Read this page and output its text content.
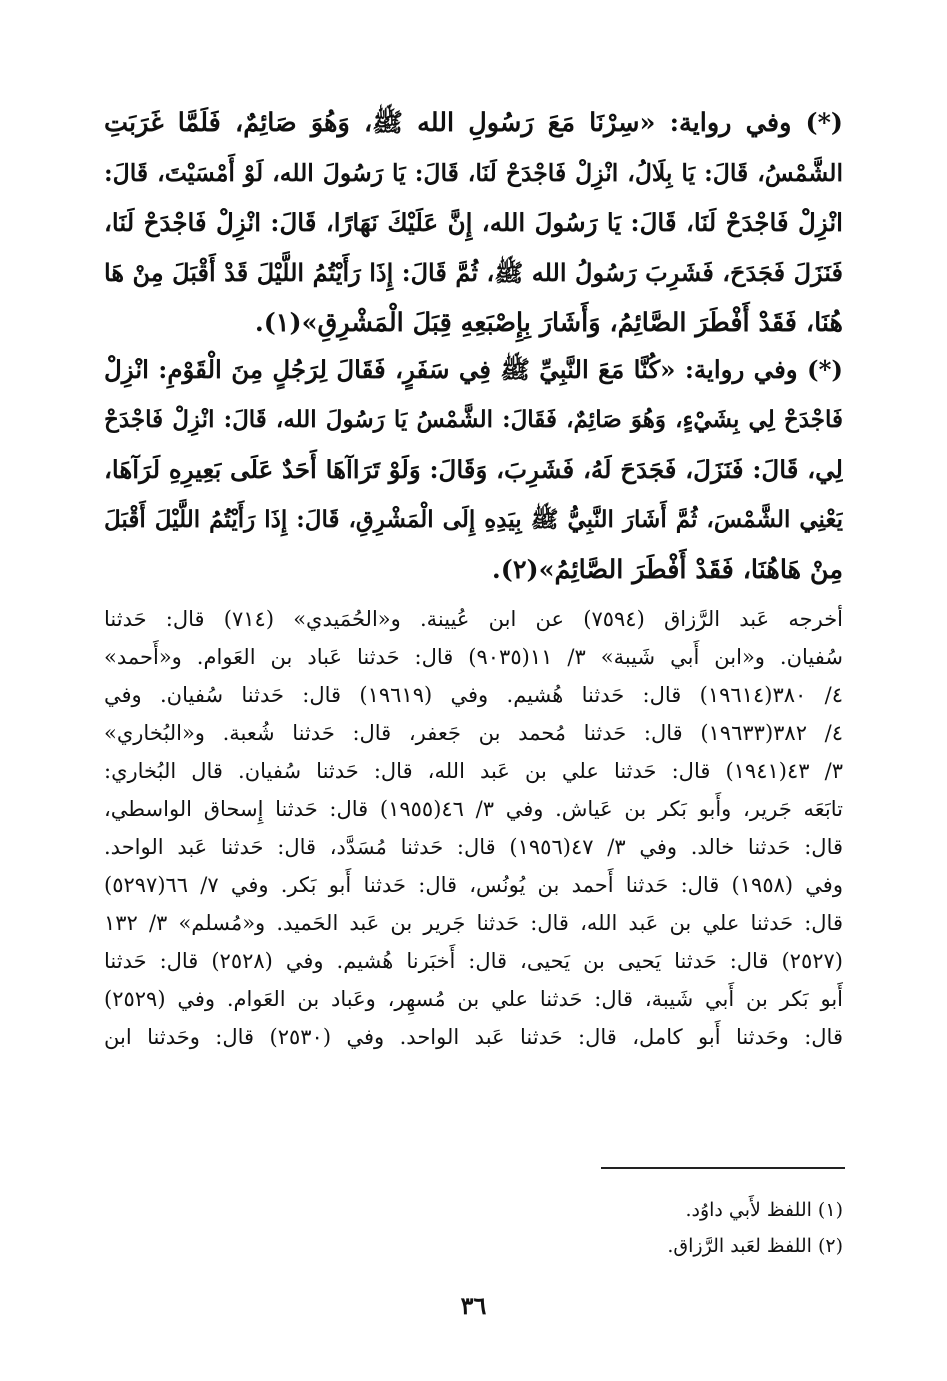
(*) وفي رواية: «سِرْنَا مَعَ رَسُولِ الله ﷺ، وَهُوَ صَائِمٌ، فَلَمَّا غَرَبَتِ
الشَّمْسُ، قَالَ: يَا بِلَالُ، انْزِلْ فَاجْدَحْ لَنَا، قَالَ: يَا رَسُولَ الله، لَوْ أَمْسَيْتَ، قَالَ:
انْزِلْ فَاجْدَحْ لَنَا، قَالَ: يَا رَسُولَ الله، إِنَّ عَلَيْكَ نَهَارًا، قَالَ: انْزِلْ فَاجْدَحْ لَنَا،
فَنَزَلَ فَجَدَحَ، فَشَرِبَ رَسُولُ الله ﷺ، ثُمَّ قَالَ: إِذَا رَأَيْتُمُ اللَّيْلَ قَدْ أَقْبَلَ مِنْ هَا
هُنَا، فَقَدْ أَفْطَرَ الصَّائِمُ، وَأَشَارَ بِإِصْبَعِهِ قِبَلَ الْمَشْرِقِ»(١).
(*) وفي رواية: «كُنَّا مَعَ النَّبِيِّ ﷺ فِي سَفَرٍ، فَقَالَ لِرَجُلٍ مِنَ الْقَوْمِ: انْزِلْ
فَاجْدَحْ لِي بِشَيْءٍ، وَهُوَ صَائِمٌ، فَقَالَ: الشَّمْسُ يَا رَسُولَ الله، قَالَ: انْزِلْ فَاجْدَحْ
لِي، قَالَ: فَنَزَلَ، فَجَدَحَ لَهُ، فَشَرِبَ، وَقَالَ: وَلَوْ تَرَاآهَا أَحَدٌ عَلَى بَعِيرِهِ لَرَآهَا،
يَعْنِي الشَّمْسَ، ثُمَّ أَشَارَ النَّبِيُّ ﷺ بِيَدِهِ إِلَى الْمَشْرِقِ، قَالَ: إِذَا رَأَيْتُمُ اللَّيْلَ أَقْبَلَ
مِنْ هَاهُنَا، فَقَدْ أَفْطَرَ الصَّائِمُ»(٢).
أخرجه عَبد الرَّزاق (٧٥٩٤) عن ابن عُيينة. و«الحُمَيدي» (٧١٤) قال: حَدثنا
سُفيان. و«ابن أَبي شَيبة» ٣/ ١١(٩٠٣٥) قال: حَدثنا عَباد بن العَوام. و«أَحمد»
٤/ ٣٨٠(١٩٦١٤) قال: حَدثنا هُشيم. وفي (١٩٦١٩) قال: حَدثنا سُفيان. وفي
٤/ ٣٨٢(١٩٦٣٣) قال: حَدثنا مُحمد بن جَعفر، قال: حَدثنا شُعبة. و«البُخاري»
٣/ ٤٣(١٩٤١) قال: حَدثنا علي بن عَبد الله، قال: حَدثنا سُفيان. قال البُخاري:
تابَعَه جَرير، وأَبو بَكر بن عَياش. وفي ٣/ ٤٦(١٩٥٥) قال: حَدثنا إِسحاق الواسطي،
قال: حَدثنا خالد. وفي ٣/ ٤٧(١٩٥٦) قال: حَدثنا مُسَدَّد، قال: حَدثنا عَبد الواحد.
وفي (١٩٥٨) قال: حَدثنا أَحمد بن يُونُس، قال: حَدثنا أَبو بَكر. وفي ٧/ ٦٦(٥٢٩٧)
قال: حَدثنا علي بن عَبد الله، قال: حَدثنا جَرير بن عَبد الحَميد. و«مُسلم» ٣/ ١٣٢
(٢٥٢٧) قال: حَدثنا يَحيى بن يَحيى، قال: أَخبَرنا هُشيم. وفي (٢٥٢٨) قال: حَدثنا
أَبو بَكر بن أَبي شَيبة، قال: حَدثنا علي بن مُسهِر، وعَباد بن العَوام. وفي (٢٥٢٩)
قال: وحَدثنا أَبو كامل، قال: حَدثنا عَبد الواحد. وفي (٢٥٣٠) قال: وحَدثنا ابن
(١) اللفظ لأَبي داوُد.
(٢) اللفظ لعَبد الرَّزاق.
٣٦
